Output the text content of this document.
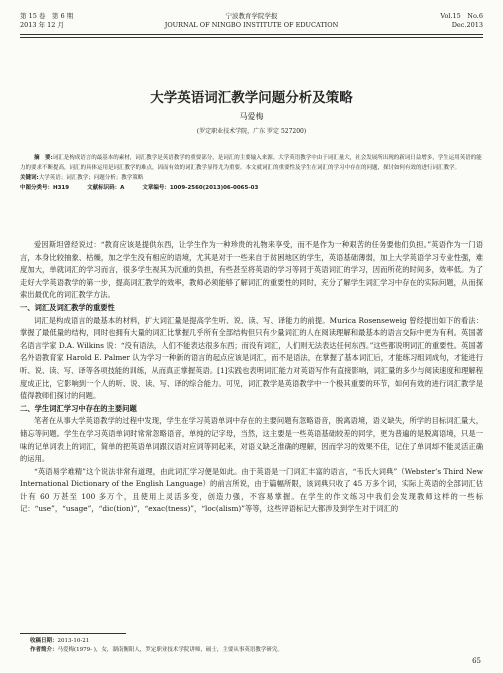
第 15 卷　第 6 期
2013 年 12 月
宁波教育学院学报
JOURNAL OF NINGBO INSTITUTE OF EDUCATION
Vol.15　No.6
Dec.2013
大学英语词汇教学问题分析及策略
马爱梅
(罗定职业技术学院，广东 罗定 527200)

摘　要:词汇是构成语言的最基本的素材，词汇教学是英语教学的重要部分，是词汇的主要输入来源。大学英语教学中由于词汇量大，社会发展所出现的新词日益增多，学生运用英语的能力的要求不断提高，词汇的具体运用是词汇教学的难点，因而有效的词汇教学显得尤为重要。本文就词汇的重要性及学生在词汇的学习中存在的问题，探讨如何有效的进行词汇教学。

关键词:大学英语；词汇教学；问题分析；教学策略

中图分类号：H319	文献标识码：A	文章编号：1009-2560(2013)06-0065-03

爱因斯坦曾经说过：“教育应该是提供东西，让学生作为一种珍贵的礼物来享受，而不是作为一种艰苦的任务要他们负担。”英语作为一门语言，本身比较抽象、枯燥，加之学生没有相应的语境，尤其是对于一些来自于贫困地区的学生，英语基础薄弱，加上大学英语学习专业性强，难度加大，单就词汇的学习而言，很多学生视其为沉重的负担，有些甚至将英语的学习等同于英语词汇的学习，因而所花的时间多，效率低。为了走好大学英语教学的第一步，提高词汇教学的效率，教师必须能够了解词汇的重要性的同时，充分了解学生词汇学习中存在的实际问题，从而探索出最优化的词汇教学方法。

一、词汇及词汇教学的重要性

词汇是构成语言的最基本的材料，扩大词汇量是提高学生听、说、读、写、译能力的前提。Murica Rosenseweig 曾经提出如下的看法：掌握了最低量的结构，同时也拥有大量的词汇比掌握几乎所有全部结构但只有少量词汇的人在阅读理解和最基本的语言交际中更为有利。英国著名语言学家 D.A. Wilkins 说：“没有语法，人们不能表达很多东西；而没有词汇，人们则无法表达任何东西。”这些都说明词汇的重要性。英国著名外语教育家 Harold E. Palmer 认为学习一种新的语言的起点应该是词汇，而不是语法，在掌握了基本词汇后，才能练习组词成句，才能进行听、说、读、写、译等各项技能的训练，从而真正掌握英语。[1]实践也表明词汇能力对英语写作有直接影响，词汇量的多少与阅读速度和理解程度成正比，它影响到一个人的听、说、读、写、译的综合能力。可见，词汇教学是英语教学中一个极其重要的环节，如何有效的进行词汇教学是值得教师们探讨的问题。

二、学生词汇学习中存在的主要问题

笔者在从事大学英语教学的过程中发现，学生在学习英语单词中存在的主要问题有忽略语音，脱离语境，语义缺失，所学的目标词汇量大，储忘等问题。学生在学习英语单词时常常忽略语音，单纯的记字母，当然，这主要是一些英语基础较差的同学，更为普遍的是脱离语境，只是一味的记单词表上的词汇，简单的把英语单词跟汉语对应词等同起来，对语义缺乏准确的理解，因而学习的效果不佳，记住了单词却不能灵活正确的运用。

“英语易学难精”这个说法非常有道理，由此词汇学习便是如此。由于英语是一门词汇丰富的语言，“韦氏大词典”（Webster’s Third New International Dictionary of the English Language）的前言所说，由于篇幅所限，该词典只收了 45 万多个词，实际上英语的全部词汇估计有 60 万甚至 100 多万个，且使用上灵活多变，创造力强，不容易掌握。在学生的作文练习中我们会发现教师这样的一些标记：“use”，“usage”，“dic(tion)”，“exac(tness)”，“loc(alism)”等等，这些评语标记大都涉及到学生对于词汇的

收稿日期：2013-10-21
作者简介：马爱梅(1979- )，女，湖南衡阳人，罗定职业技术学院讲师，硕士，主要从事英语教学研究。
65
